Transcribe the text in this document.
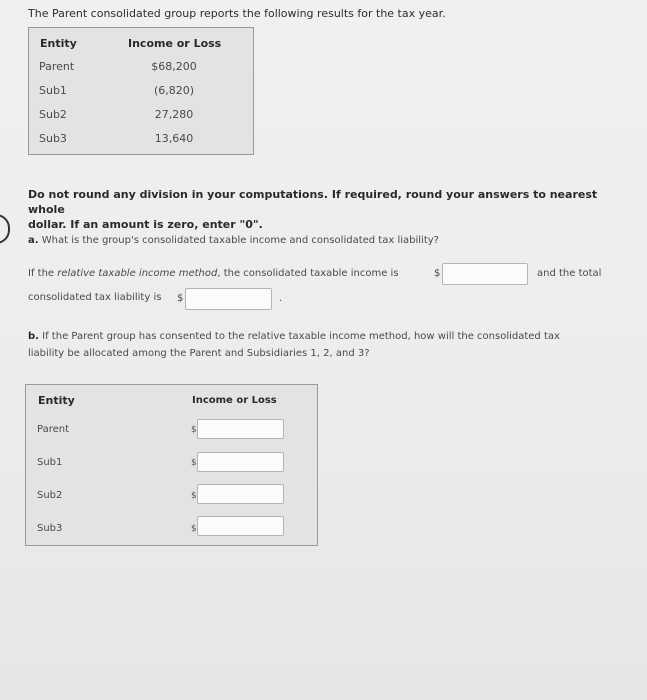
The Parent consolidated group reports the following results for the tax year.
Entity	Income or Loss
Parent	$68,200
Sub1	(6,820)
Sub2	27,280
Sub3	13,640
Do not round any division in your computations. If required, round your answers to nearest whole
dollar. If an amount is zero, enter "0".
a. What is the group's consolidated taxable income and consolidated tax liability?
If the relative taxable income method, the consolidated taxable income is	$	and the total
consolidated tax liability is $	.
b. If the Parent group has consented to the relative taxable income method, how will the consolidated tax
liability be allocated among the Parent and Subsidiaries 1, 2, and 3?
Entity	Income or Loss
Parent	$
Sub1	$
Sub2	$
Sub3	$
